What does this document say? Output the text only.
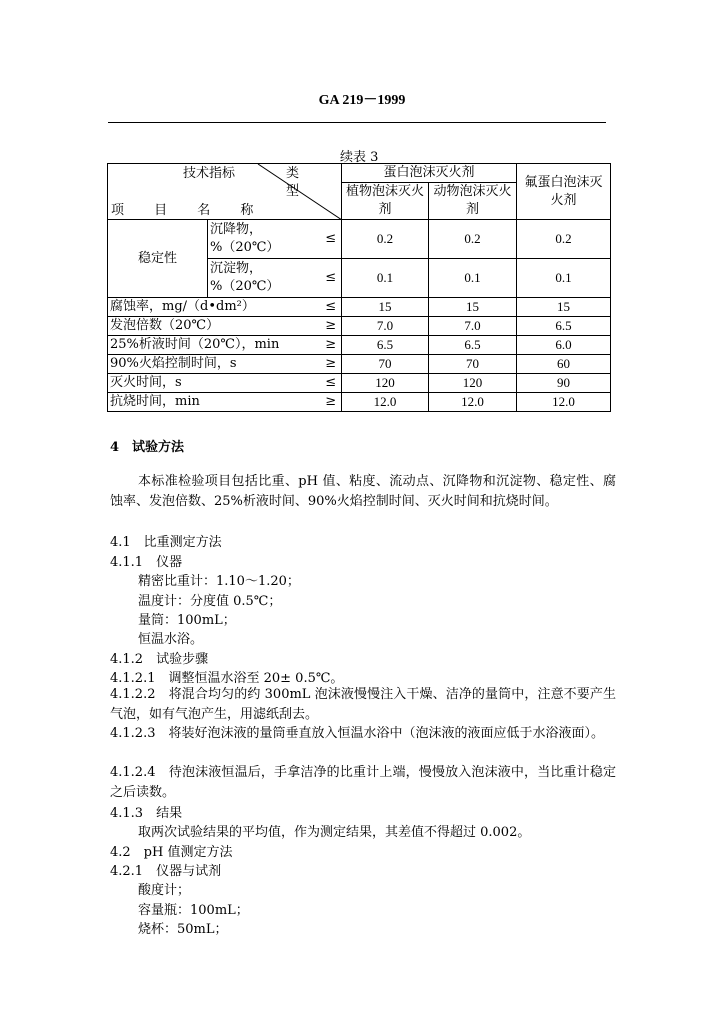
GA 219－1999
续表 3
技术指标 类 型
项 目 名 称			蛋白泡沫灭火剂		氟蛋白泡沫灭火剂
			植物泡沫灭火剂	动物泡沫灭火剂	
稳定性	沉降物，%（20℃）	≤	0.2	0.2	0.2
	沉淀物，%（20℃）	≤	0.1	0.1	0.1
腐蚀率，mg/（d•dm²）		≤	15	15	15
发泡倍数（20℃）		≥	7.0	7.0	6.5
25%析液时间（20℃），min		≥	6.5	6.5	6.0
90%火焰控制时间，s		≥	70	70	60
灭火时间，s		≤	120	120	90
抗烧时间，min		≥	12.0	12.0	12.0
4　试验方法
本标准检验项目包括比重、pH 值、粘度、流动点、沉降物和沉淀物、稳定性、腐蚀率、发泡倍数、25%析液时间、90%火焰控制时间、灭火时间和抗烧时间。
4.1　比重测定方法
4.1.1　仪器
精密比重计：1.10～1.20；
温度计：分度值 0.5℃；
量筒：100mL；
恒温水浴。
4.1.2　试验步骤
4.1.2.1　调整恒温水浴至 20± 0.5℃。
4.1.2.2　将混合均匀的约 300mL 泡沫液慢慢注入干燥、洁净的量筒中，注意不要产生气泡，如有气泡产生，用滤纸刮去。
4.1.2.3　将装好泡沫液的量筒垂直放入恒温水浴中（泡沫液的液面应低于水浴液面）。
4.1.2.4　待泡沫液恒温后，手拿洁净的比重计上端，慢慢放入泡沫液中，当比重计稳定之后读数。
4.1.3　结果
取两次试验结果的平均值，作为测定结果，其差值不得超过 0.002。
4.2　pH 值测定方法
4.2.1　仪器与试剂
酸度计；
容量瓶：100mL；
烧杯：50mL；
